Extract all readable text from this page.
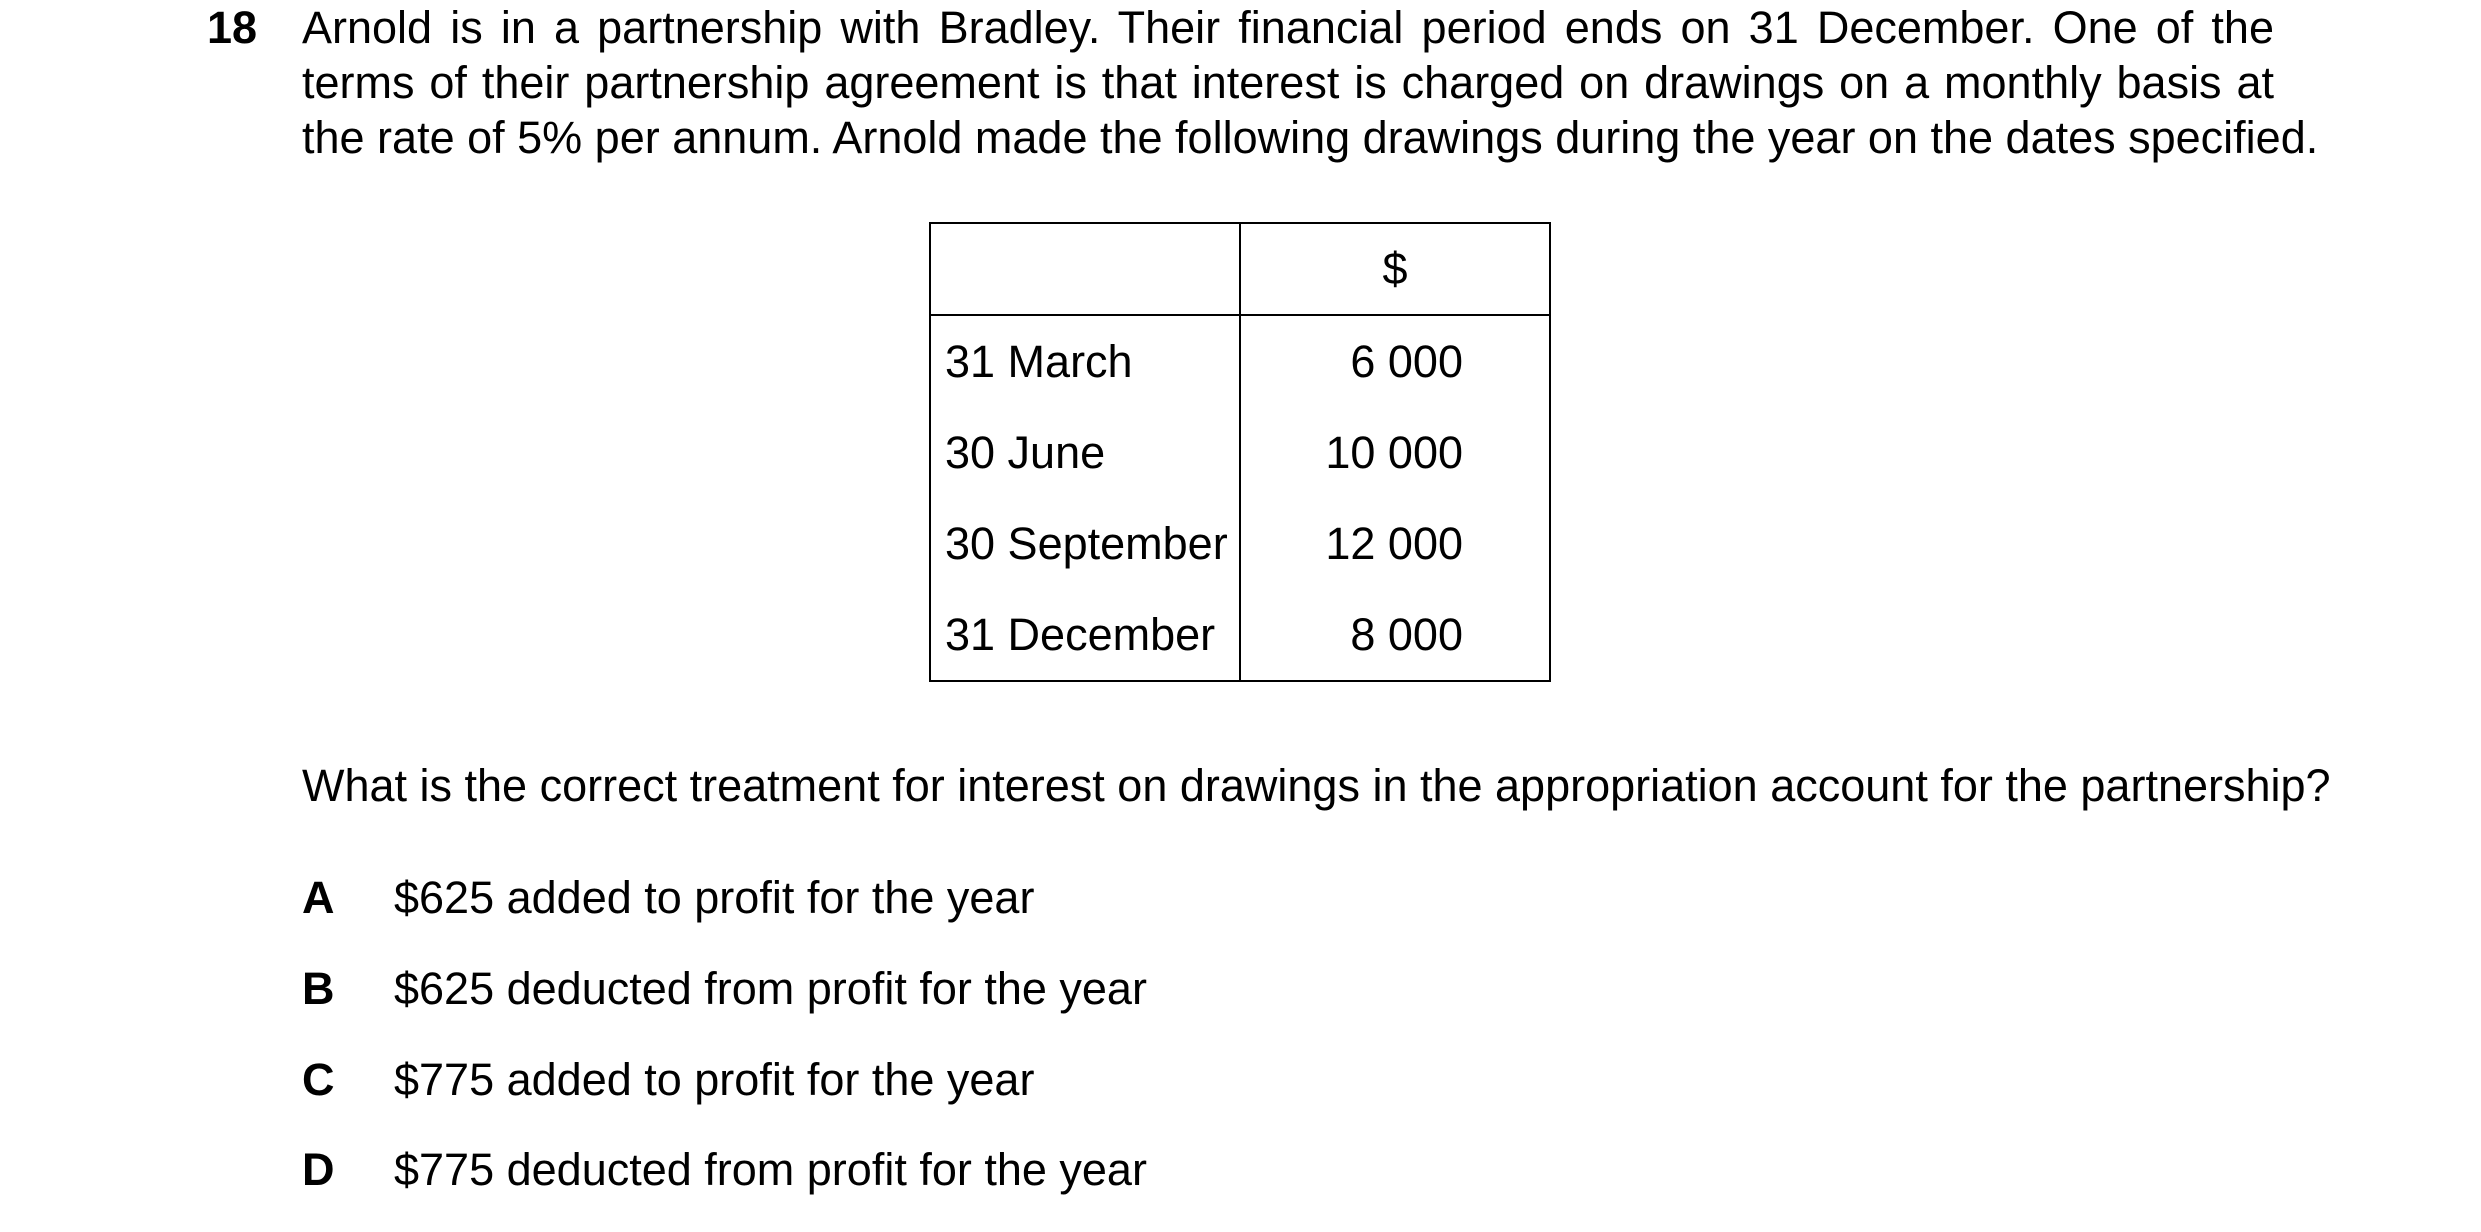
18 Arnold is in a partnership with Bradley. Their financial period ends on 31 December. One of the
terms of their partnership agreement is that interest is charged on drawings on a monthly basis at
the rate of 5% per annum. Arnold made the following drawings during the year on the dates specified.
	$
31 March	6 000
30 June	10 000
30 September	12 000
31 December	8 000
What is the correct treatment for interest on drawings in the appropriation account for the partnership?
A $625 added to profit for the year
B $625 deducted from profit for the year
C $775 added to profit for the year
D $775 deducted from profit for the year
